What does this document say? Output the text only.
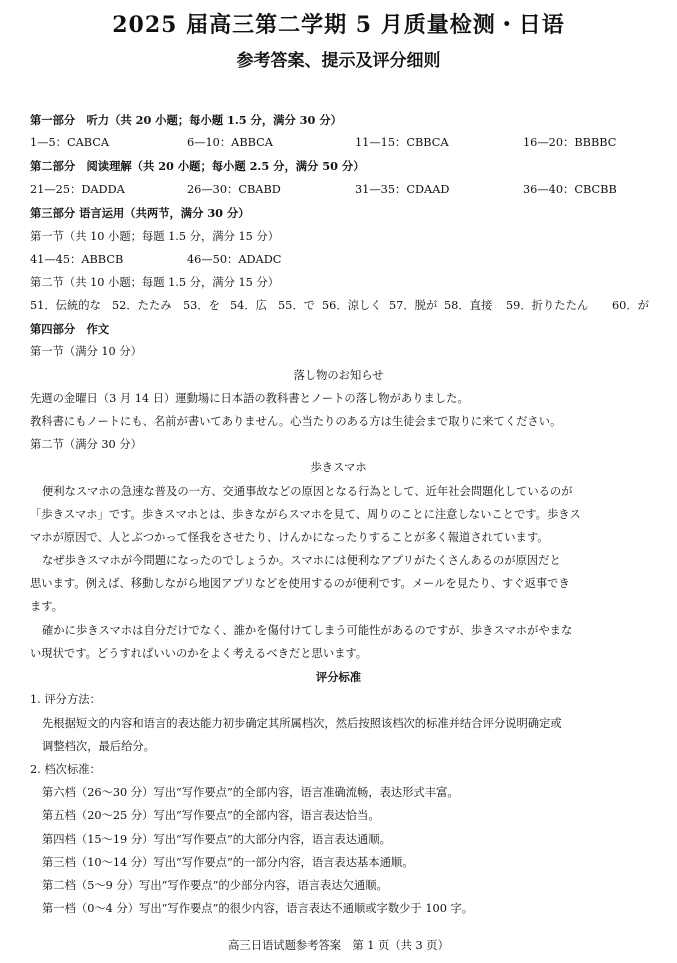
2025 届高三第二学期 5 月质量检测・日语
参考答案、提示及评分细则
第一部分　听力（共 20 小题；每小题 1.5 分，满分 30 分）
1—5：CABCA	6—10：ABBCA	11—15：CBBCA	16—20：BBBBC
第二部分　阅读理解（共 20 小题；每小题 2.5 分，满分 50 分）
21—25：DADDA	26—30：CBABD	31—35：CDAAD	36—40：CBCBB
第三部分 语言运用（共两节，满分 30 分）
第一节（共 10 小题；每题 1.5 分，满分 15 分）
41—45：ABBCB	46—50：ADADC
第二节（共 10 小题；每题 1.5 分，满分 15 分）
51．伝統的な 52．たたみ 53．を 54．広 55．で 56．涼しく 57．脱が 58．直接 59．折りたたん 60．が
第四部分　作文
第一节（满分 10 分）
落し物のお知らせ
先週の金曜日（3 月 14 日）運動場に日本語の教科書とノートの落し物がありました。
教科書にもノートにも、名前が書いてありません。心当たりのある方は生徒会まで取りに来てください。
第二节（满分 30 分）
歩きスマホ
便利なスマホの急速な普及の一方、交通事故などの原因となる行為として、近年社会問題化しているのが
「歩きスマホ」です。歩きスマホとは、歩きながらスマホを見て、周りのことに注意しないことです。歩きス
マホが原因で、人とぶつかって怪我をさせたり、けんかになったりすることが多く報道されています。
なぜ歩きスマホが今問題になったのでしょうか。スマホには便利なアプリがたくさんあるのが原因だと
思います。例えば、移動しながら地図アプリなどを使用するのが便利です。メールを見たり、すぐ返事でき
ます。
確かに歩きスマホは自分だけでなく、誰かを傷付けてしまう可能性があるのですが、歩きスマホがやまな
い現状です。どうすればいいのかをよく考えるべきだと思います。
评分标准
1. 评分方法：
先根据短文的内容和语言的表达能力初步确定其所属档次，然后按照该档次的标准并结合评分说明确定或
调整档次，最后给分。
2. 档次标准：
第六档（26～30 分）写出“写作要点”的全部内容，语言准确流畅，表达形式丰富。
第五档（20～25 分）写出“写作要点”的全部内容，语言表达恰当。
第四档（15～19 分）写出“写作要点”的大部分内容，语言表达通顺。
第三档（10～14 分）写出“写作要点”的一部分内容，语言表达基本通顺。
第二档（5～9 分）写出“写作要点”的少部分内容，语言表达欠通顺。
第一档（0～4 分）写出“写作要点”的很少内容，语言表达不通顺或字数少于 100 字。
高三日语试题参考答案　第 1 页（共 3 页）
